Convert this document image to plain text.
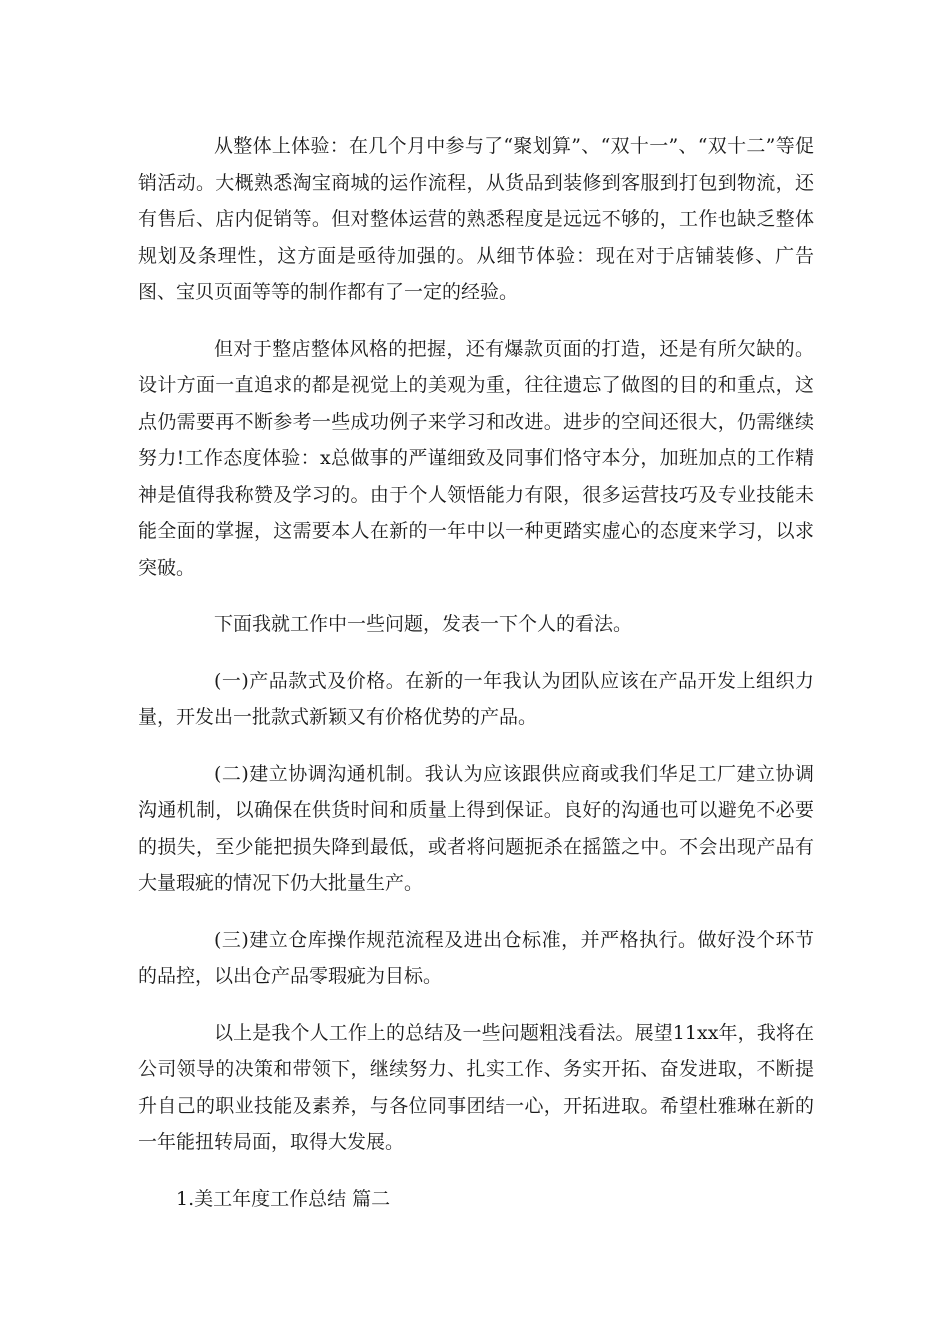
从整体上体验：在几个月中参与了“聚划算”、“双十一”、“双十二”等促销活动。大概熟悉淘宝商城的运作流程，从货品到装修到客服到打包到物流，还有售后、店内促销等。但对整体运营的熟悉程度是远远不够的，工作也缺乏整体规划及条理性，这方面是亟待加强的。从细节体验：现在对于店铺装修、广告图、宝贝页面等等的制作都有了一定的经验。

但对于整店整体风格的把握，还有爆款页面的打造，还是有所欠缺的。设计方面一直追求的都是视觉上的美观为重，往往遗忘了做图的目的和重点，这点仍需要再不断参考一些成功例子来学习和改进。进步的空间还很大，仍需继续努力!工作态度体验：x总做事的严谨细致及同事们恪守本分，加班加点的工作精神是值得我称赞及学习的。由于个人领悟能力有限，很多运营技巧及专业技能未能全面的掌握，这需要本人在新的一年中以一种更踏实虚心的态度来学习，以求突破。

下面我就工作中一些问题，发表一下个人的看法。

(一)产品款式及价格。在新的一年我认为团队应该在产品开发上组织力量，开发出一批款式新颖又有价格优势的产品。

(二)建立协调沟通机制。我认为应该跟供应商或我们华足工厂建立协调沟通机制，以确保在供货时间和质量上得到保证。良好的沟通也可以避免不必要的损失，至少能把损失降到最低，或者将问题扼杀在摇篮之中。不会出现产品有大量瑕疵的情况下仍大批量生产。

(三)建立仓库操作规范流程及进出仓标准，并严格执行。做好没个环节的品控，以出仓产品零瑕疵为目标。

以上是我个人工作上的总结及一些问题粗浅看法。展望11xx年，我将在公司领导的决策和带领下，继续努力、扎实工作、务实开拓、奋发进取，不断提升自己的职业技能及素养，与各位同事团结一心，开拓进取。希望杜雅琳在新的一年能扭转局面，取得大发展。

1.美工年度工作总结 篇二
